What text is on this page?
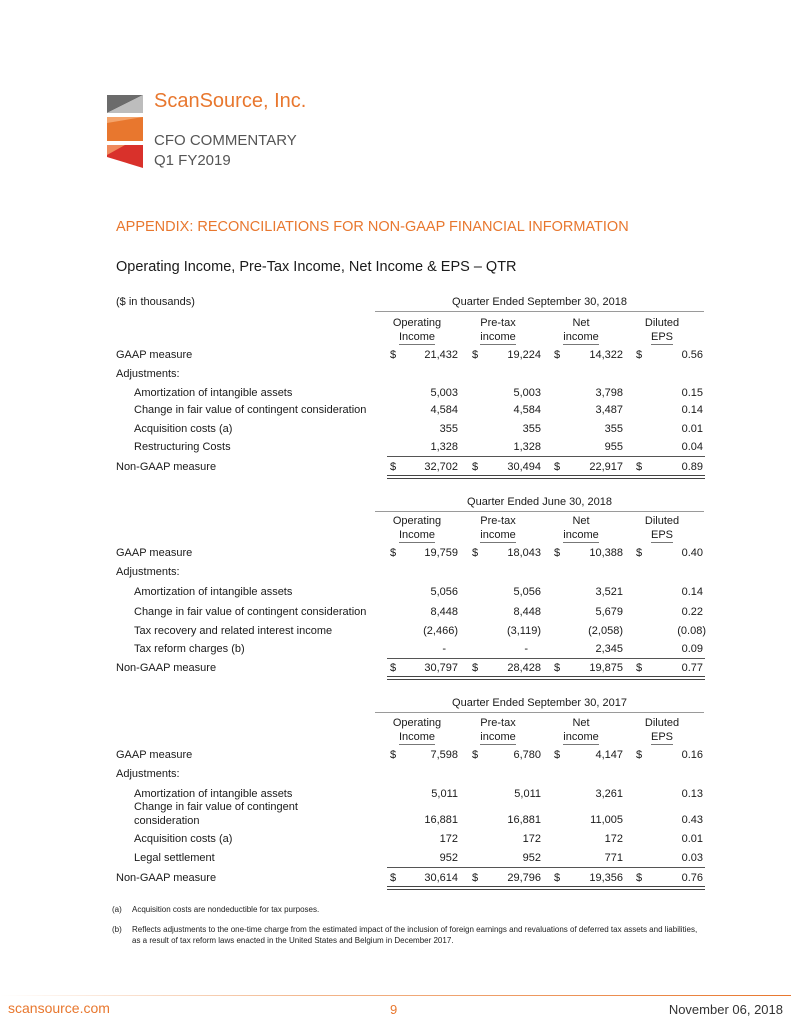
ScanSource, Inc.
CFO COMMENTARY
Q1 FY2019
APPENDIX: RECONCILIATIONS FOR NON-GAAP FINANCIAL INFORMATION
Operating Income, Pre-Tax Income, Net Income & EPS – QTR
($ in thousands)	Quarter Ended September 30, 2018
Operating
Income
Pre-tax
income
Net
income
Diluted
EPS
GAAP measure	$	21,432 $	19,224 $	14,322 $	0.56
Adjustments:
Amortization of intangible assets	5,003	5,003	3,798	0.15
Change in fair value of contingent consideration	4,584	4,584	3,487	0.14
Acquisition costs (a)	355	355	355	0.01
Restructuring Costs	1,328	1,328	955	0.04
Non-GAAP measure	$	32,702 $	30,494 $	22,917 $	0.89
Quarter Ended June 30, 2018
Operating
Income
Pre-tax
income
Net
income
Diluted
EPS
GAAP measure	$	19,759 $	18,043 $	10,388 $	0.40
Adjustments:
Amortization of intangible assets	5,056	5,056	3,521	0.14
Change in fair value of contingent consideration	8,448	8,448	5,679	0.22
Tax recovery and related interest income	(2,466)	(3,119)	(2,058)	(0.08)
Tax reform charges (b)	-	-	2,345	0.09
Non-GAAP measure	$	30,797 $	28,428 $	19,875 $	0.77
Quarter Ended September 30, 2017
Operating
Income
Pre-tax
income
Net
income
Diluted
EPS
GAAP measure	$	7,598 $	6,780 $	4,147 $	0.16
Adjustments:
Amortization of intangible assets	5,011	5,011	3,261	0.13
Change in fair value of contingent
consideration	16,881	16,881	11,005	0.43
Acquisition costs (a)	172	172	172	0.01
Legal settlement	952	952	771	0.03
Non-GAAP measure	$	30,614 $	29,796 $	19,356 $	0.76
(a)	Acquisition costs are nondeductible for tax purposes.
(b)	Reflects adjustments to the one-time charge from the estimated impact of the inclusion of foreign earnings and revaluations of deferred tax assets and liabilities, as a result of tax reform laws enacted in the United States and Belgium in December 2017.
scansource.com	9	November 06, 2018
